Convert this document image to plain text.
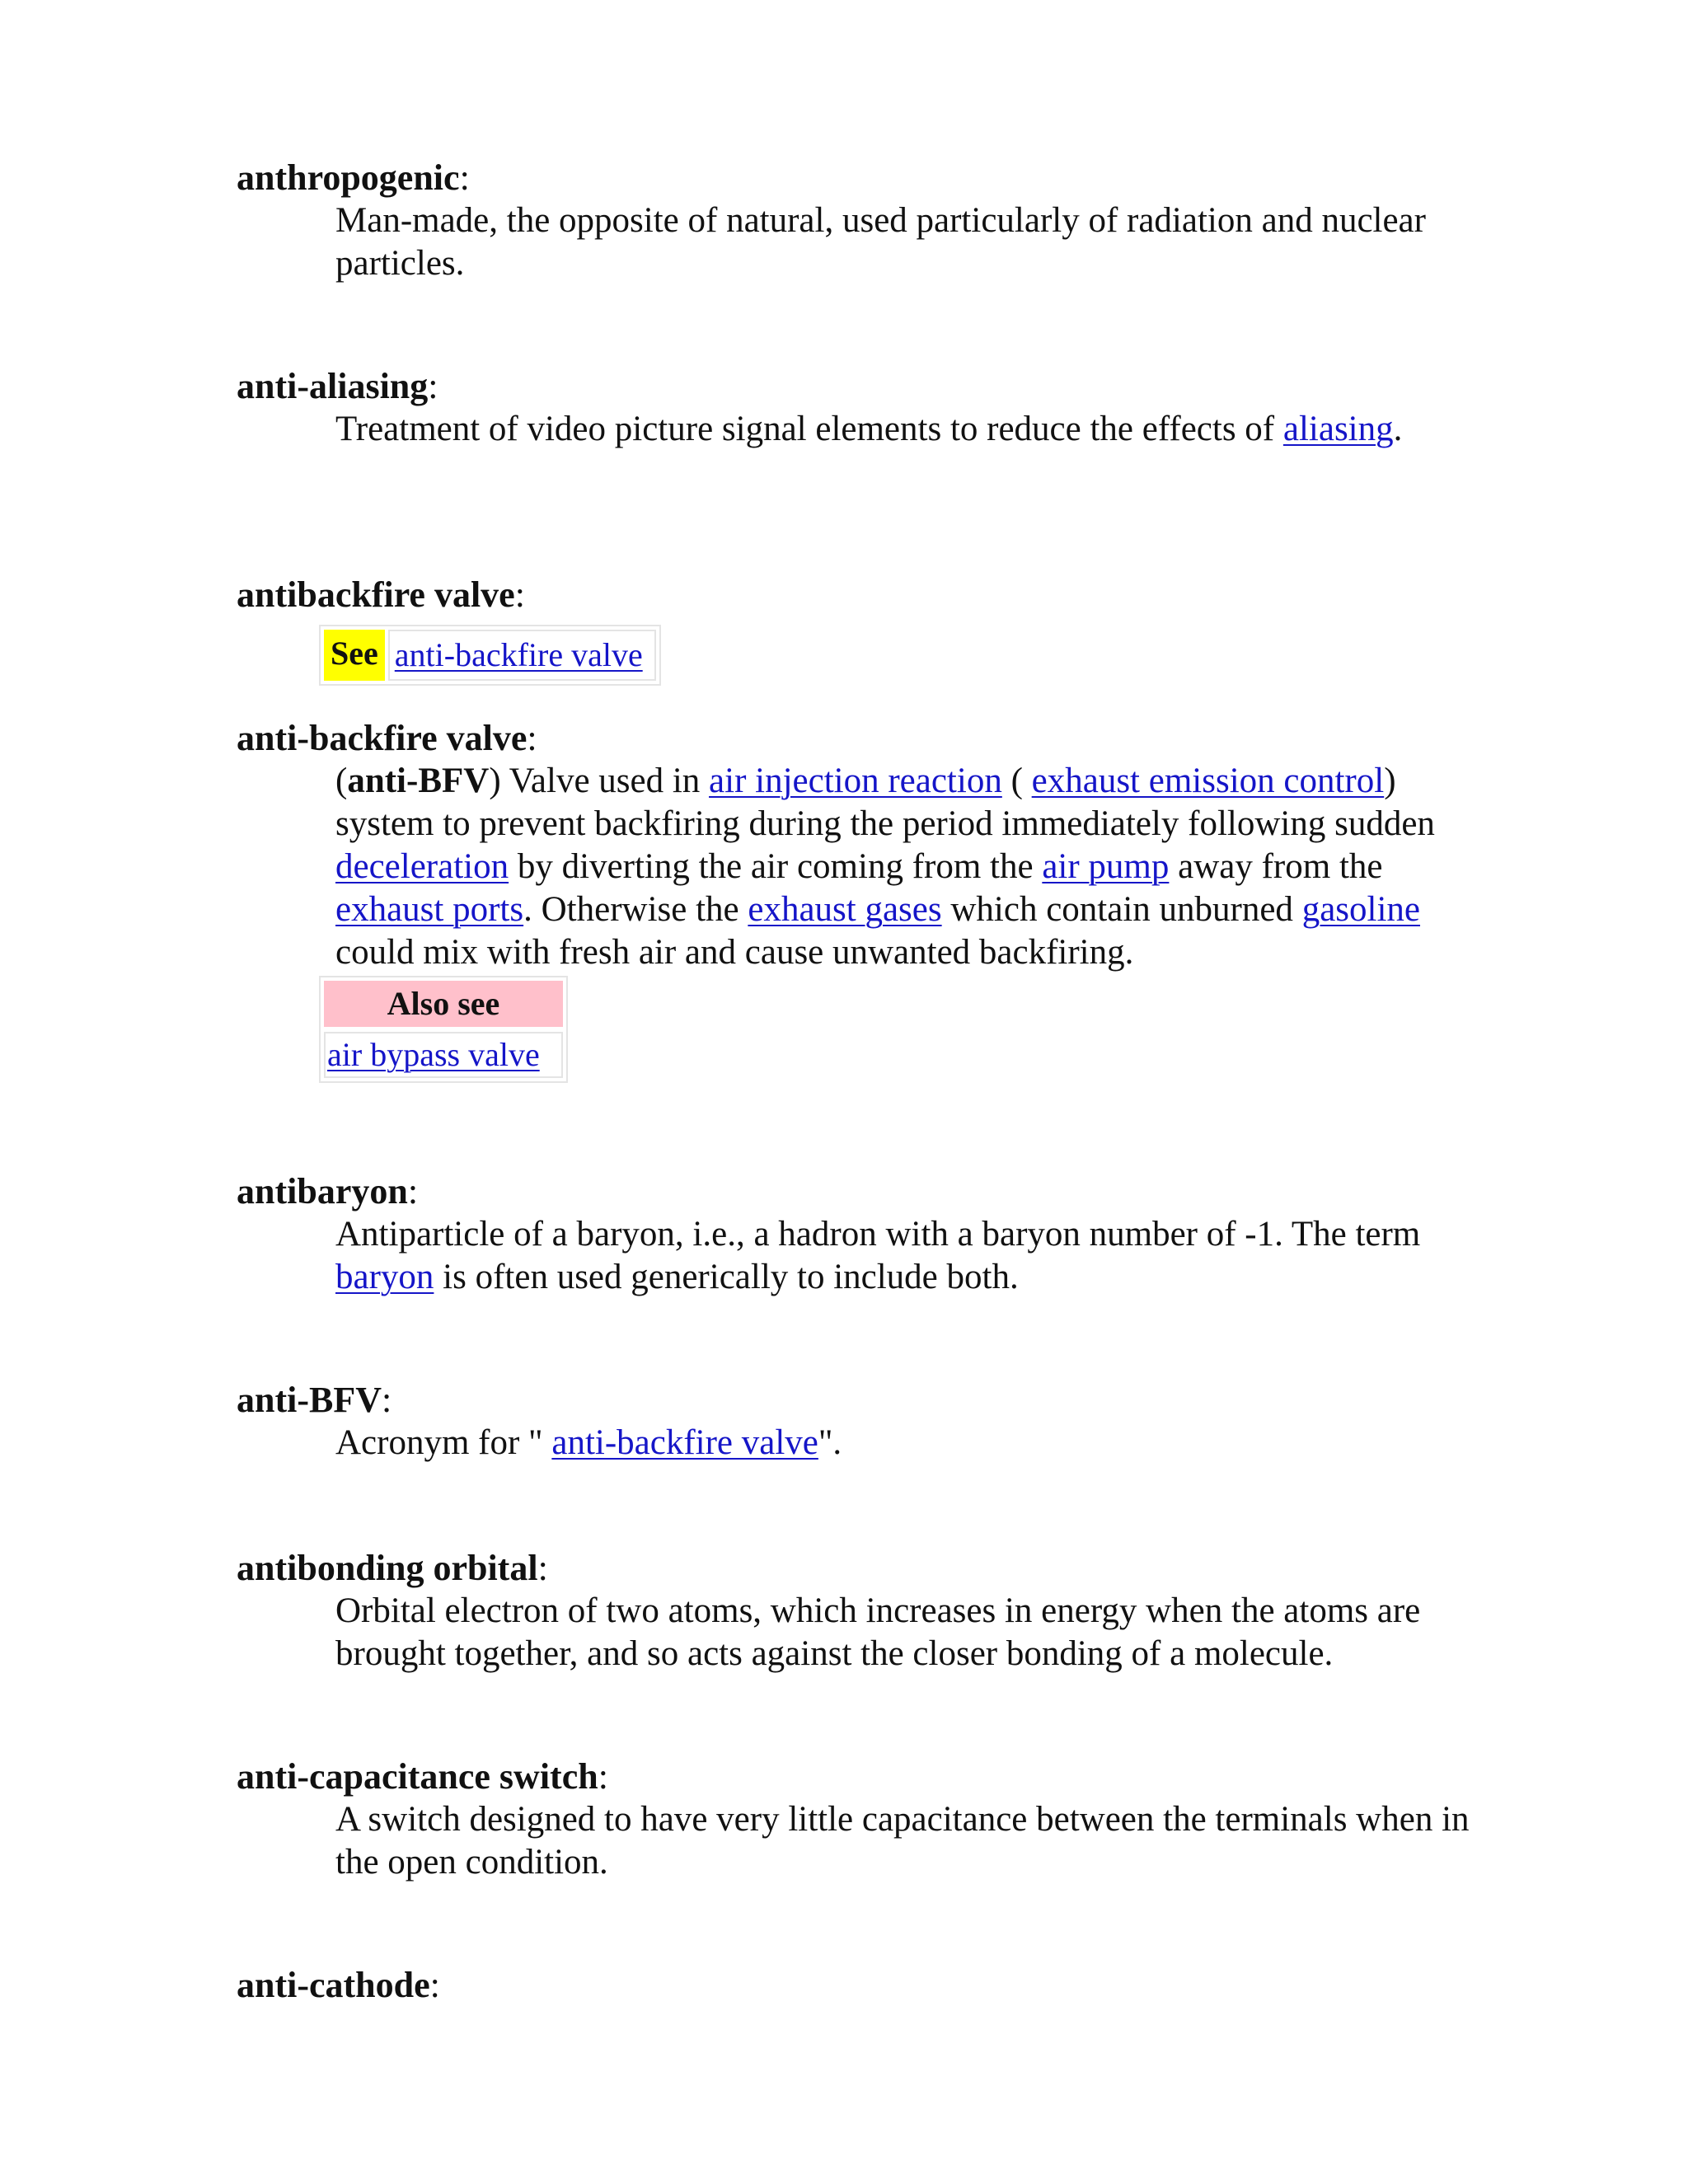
anthropogenic:
Man-made, the opposite of natural, used particularly of radiation and nuclear particles.
anti-aliasing:
Treatment of video picture signal elements to reduce the effects of aliasing.
antibackfire valve:
See anti-backfire valve
anti-backfire valve:
(anti-BFV) Valve used in air injection reaction ( exhaust emission control) system to prevent backfiring during the period immediately following sudden deceleration by diverting the air coming from the air pump away from the exhaust ports. Otherwise the exhaust gases which contain unburned gasoline could mix with fresh air and cause unwanted backfiring.
Also see
air bypass valve
antibaryon:
Antiparticle of a baryon, i.e., a hadron with a baryon number of -1. The term baryon is often used generically to include both.
anti-BFV:
Acronym for " anti-backfire valve".
antibonding orbital:
Orbital electron of two atoms, which increases in energy when the atoms are brought together, and so acts against the closer bonding of a molecule.
anti-capacitance switch:
A switch designed to have very little capacitance between the terminals when in the open condition.
anti-cathode:
